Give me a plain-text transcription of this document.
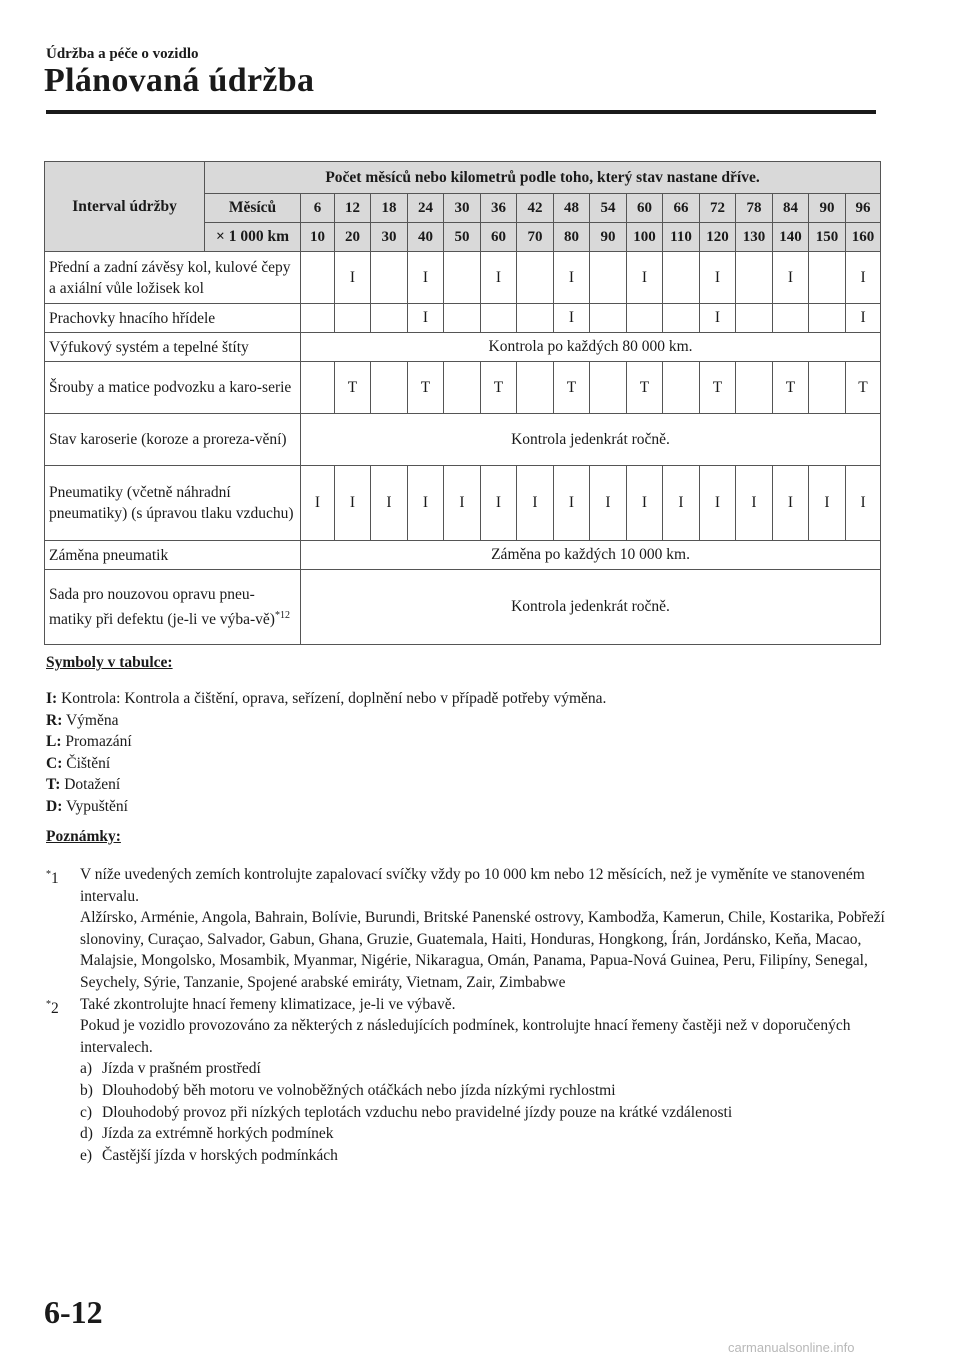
Údržba a péče o vozidlo
Plánovaná údržba
Interval údržby	Počet měsíců nebo kilometrů podle toho, který stav nastane dříve.																
	Měsíců	6	12	18	24	30	36	42	48	54	60	66	72	78	84	90	96
	× 1 000 km	10	20	30	40	50	60	70	80	90	100	110	120	130	140	150	160
Přední a zadní závěsy kol, kulové čepy a axiální vůle ložisek kol			I		I		I		I		I		I		I		I
Prachovky hnacího hřídele					I				I				I				I
Výfukový systém a tepelné štíty		Kontrola po každých 80 000 km.															
Šrouby a matice podvozku a karo-serie			T		T		T		T		T		T		T		T
Stav karoserie (koroze a proreza-vění)		Kontrola jedenkrát ročně.															
Pneumatiky (včetně náhradní pneumatiky) (s úpravou tlaku vzduchu)		I	I	I	I	I	I	I	I	I	I	I	I	I	I	I	I
Záměna pneumatik		Záměna po každých 10 000 km.															
Sada pro nouzovou opravu pneu-matiky při defektu (je-li ve výba-vě)$^{*12}$		Kontrola jedenkrát ročně.															
Symboly v tabulce:
I: Kontrola: Kontrola a čištění, oprava, seřízení, doplnění nebo v případě potřeby výměna.
R: Výměna
L: Promazání
C: Čištění
T: Dotažení
D: Vypuštění
Poznámky:
*1 V níže uvedených zemích kontrolujte zapalovací svíčky vždy po 10 000 km nebo 12 měsících, než je vyměníte ve stanoveném intervalu.

Alžírsko, Arménie, Angola, Bahrain, Bolívie, Burundi, Britské Panenské ostrovy, Kambodža, Kamerun, Chile, Kostarika, Pobřeží slonoviny, Curaçao, Salvador, Gabun, Ghana, Gruzie, Guatemala, Haiti, Honduras, Hongkong, Írán, Jordánsko, Keňa, Macao, Malajsie, Mongolsko, Mosambik, Myanmar, Nigérie, Nikaragua, Omán, Panama, Papua-Nová Guinea, Peru, Filipíny, Senegal, Seychely, Sýrie, Tanzanie, Spojené arabské emiráty, Vietnam, Zair, Zimbabwe

*2 Také zkontrolujte hnací řemeny klimatizace, je-li ve výbavě.

Pokud je vozidlo provozováno za některých z následujících podmínek, kontrolujte hnací řemeny častěji než v doporučených intervalech.

a) Jízda v prašném prostředí
b) Dlouhodobý běh motoru ve volnoběžných otáčkách nebo jízda nízkými rychlostmi
c) Dlouhodobý provoz při nízkých teplotách vzduchu nebo pravidelné jízdy pouze na krátké vzdálenosti
d) Jízda za extrémně horkých podmínek
e) Častější jízda v horských podmínkách
6-12
carmanualsonline.info
